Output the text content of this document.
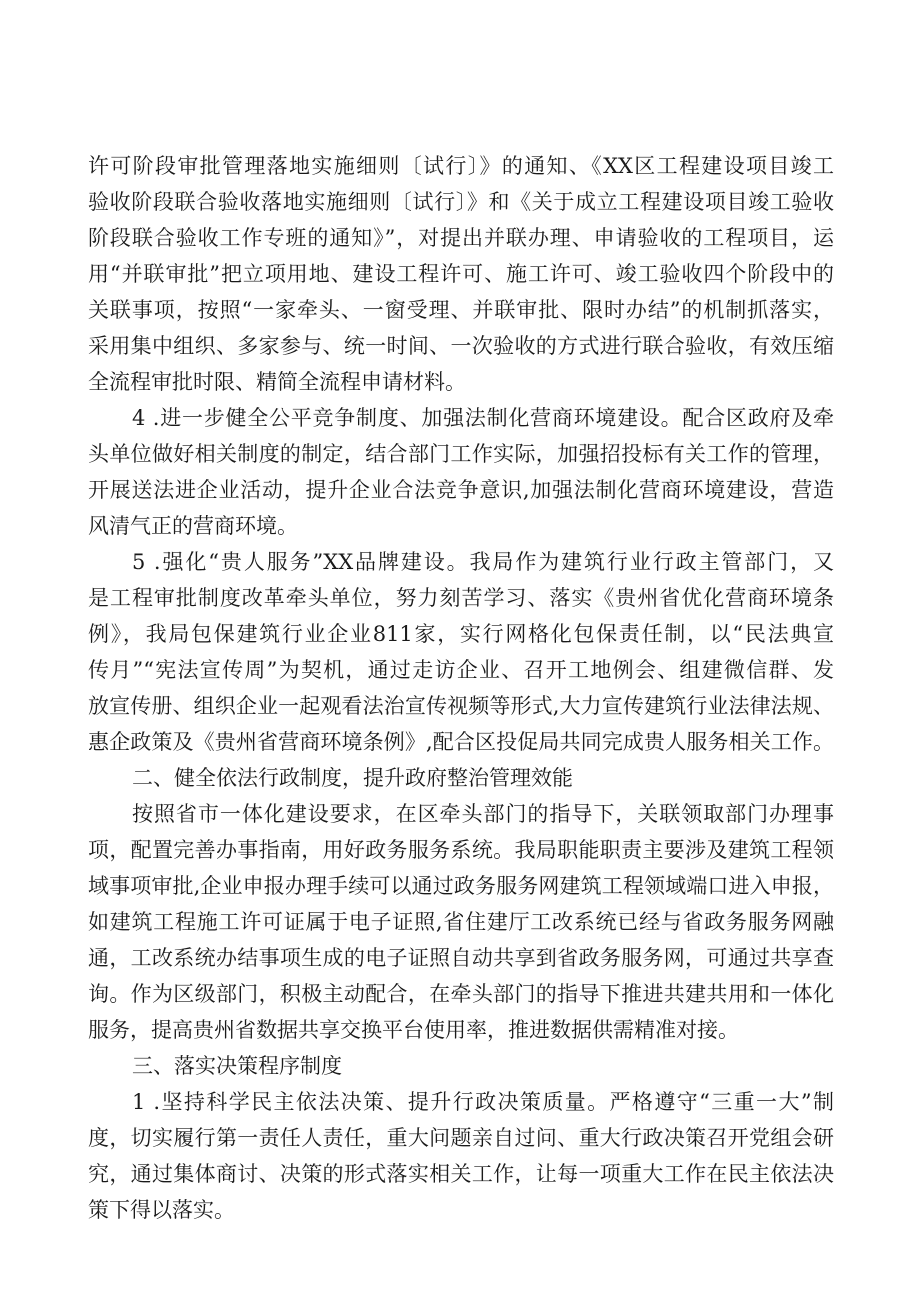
许可阶段审批管理落地实施细则〔试行〕》的通知、《XX区工程建设项目竣工
验收阶段联合验收落地实施细则〔试行〕》和《关于成立工程建设项目竣工验收
阶段联合验收工作专班的通知》”，对提出并联办理、申请验收的工程项目，运
用“并联审批”把立项用地、建设工程许可、施工许可、竣工验收四个阶段中的
关联事项，按照“一家牵头、一窗受理、并联审批、限时办结”的机制抓落实，
采用集中组织、多家参与、统一时间、一次验收的方式进行联合验收，有效压缩
全流程审批时限、精简全流程申请材料。
4 .进一步健全公平竞争制度、加强法制化营商环境建设。配合区政府及牵
头单位做好相关制度的制定，结合部门工作实际，加强招投标有关工作的管理，
开展送法进企业活动，提升企业合法竞争意识,加强法制化营商环境建设，营造
风清气正的营商环境。
5 .强化“贵人服务”XX品牌建设。我局作为建筑行业行政主管部门，又
是工程审批制度改革牵头单位，努力刻苦学习、落实《贵州省优化营商环境条
例》，我局包保建筑行业企业811家，实行网格化包保责任制，以“民法典宣
传月”“宪法宣传周”为契机，通过走访企业、召开工地例会、组建微信群、发
放宣传册、组织企业一起观看法治宣传视频等形式,大力宣传建筑行业法律法规、
惠企政策及《贵州省营商环境条例》,配合区投促局共同完成贵人服务相关工作。
二、健全依法行政制度，提升政府整治管理效能
按照省市一体化建设要求，在区牵头部门的指导下，关联领取部门办理事
项，配置完善办事指南，用好政务服务系统。我局职能职责主要涉及建筑工程领
域事项审批,企业申报办理手续可以通过政务服务网建筑工程领域端口进入申报，
如建筑工程施工许可证属于电子证照,省住建厅工改系统已经与省政务服务网融
通，工改系统办结事项生成的电子证照自动共享到省政务服务网，可通过共享查
询。作为区级部门，积极主动配合，在牵头部门的指导下推进共建共用和一体化
服务，提高贵州省数据共享交换平台使用率，推进数据供需精准对接。
三、落实决策程序制度
1 .坚持科学民主依法决策、提升行政决策质量。严格遵守“三重一大”制
度，切实履行第一责任人责任，重大问题亲自过问、重大行政决策召开党组会研
究，通过集体商讨、决策的形式落实相关工作，让每一项重大工作在民主依法决
策下得以落实。
